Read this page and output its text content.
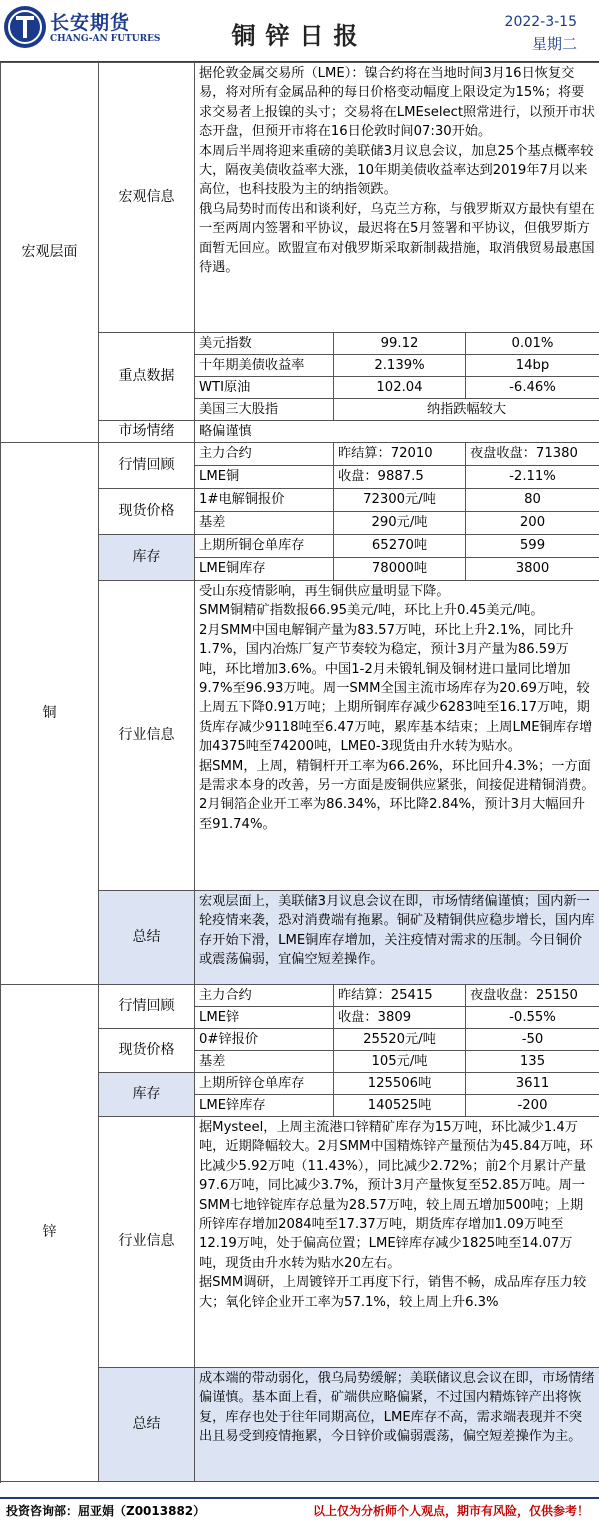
长安期货
CHANG-AN FUTURES	铜锌日报	2022-3-15
星期二
宏观层面	宏观信息	据伦敦金属交易所（LME）：镍合约将在当地时间3月16日恢复交易，将对所有金属品种的每日价格变动幅度上限设定为15%；将要求交易者上报镍的头寸；交易将在LMEselect照常进行，以预开市状态开盘，但预开市将在16日伦敦时间07:30开始。

本周后半周将迎来重磅的美联储3月议息会议，加息25个基点概率较大，隔夜美债收益率大涨，10年期美债收益率达到2019年7月以来高位，也科技股为主的纳指领跌。

俄乌局势时而传出和谈利好，乌克兰方称，与俄罗斯双方最快有望在一至两周内签署和平协议，最迟将在5月签署和平协议，但俄罗斯方面暂无回应。欧盟宣布对俄罗斯采取新制裁措施，取消俄贸易最惠国待遇。		

	重点数据	美元指数	99.12	0.01%
		十年期美债收益率	2.139%	14bp
		WTI原油	102.04	-6.46%
		美国三大股指	纳指跌幅较大	
	市场情绪	略偏谨慎		

铜	行情回顾	主力合约	昨结算：72010	夜盘收盘：71380
		LME铜	收盘：9887.5	-2.11%
	现货价格	1#电解铜报价	72300元/吨	80
		基差	290元/吨	200
	库存	上期所铜仓单库存	65270吨	599
		LME铜库存	78000吨	3800
	行业信息	受山东疫情影响，再生铜供应量明显下降。

SMM铜精矿指数报66.95美元/吨，环比上升0.45美元/吨。

2月SMM中国电解铜产量为83.57万吨，环比上升2.1%，同比升1.7%，国内冶炼厂复产节奏较为稳定，预计3月产量为86.59万吨，环比增加3.6%。中国1-2月未锻轧铜及铜材进口量同比增加9.7%至96.93万吨。周一SMM全国主流市场库存为20.69万吨，较上周五下降0.91万吨；上期所铜库存减少6283吨至16.17万吨，期货库存减少9118吨至6.47万吨，累库基本结束；上周LME铜库存增加4375吨至74200吨，LME0-3现货由升水转为贴水。

据SMM，上周，精铜杆开工率为66.26%，环比回升4.3%；一方面是需求本身的改善，另一方面是废铜供应紧张，间接促进精铜消费。2月铜箔企业开工率为86.34%，环比降2.84%，预计3月大幅回升至91.74%。		

	总结	宏观层面上，美联储3月议息会议在即，市场情绪偏谨慎；国内新一轮疫情来袭，恐对消费端有拖累。铜矿及精铜供应稳步增长，国内库存开始下滑，LME铜库存增加，关注疫情对需求的压制。今日铜价或震荡偏弱，宜偏空短差操作。		

锌	行情回顾	主力合约	昨结算：25415	夜盘收盘：25150
		LME锌	收盘：3809	-0.55%
	现货价格	0#锌报价	25520元/吨	-50
		基差	105元/吨	135
	库存	上期所锌仓单库存	125506吨	3611
		LME锌库存	140525吨	-200
	行业信息	据Mysteel，上周主流港口锌精矿库存为15万吨，环比减少1.4万吨，近期降幅较大。2月SMM中国精炼锌产量预估为45.84万吨，环比减少5.92万吨（11.43%），同比减少2.72%；前2个月累计产量97.6万吨，同比减少3.7%，预计3月产量恢复至52.85万吨。周一SMM七地锌锭库存总量为28.57万吨，较上周五增加500吨；上期所锌库存增加2084吨至17.37万吨，期货库存增加1.09万吨至12.19万吨，处于偏高位置；LME锌库存减少1825吨至14.07万吨，现货由升水转为贴水20左右。

据SMM调研，上周镀锌开工再度下行，销售不畅，成品库存压力较大；氧化锌企业开工率为57.1%，较上周上升6.3%		

	总结	成本端的带动弱化，俄乌局势缓解；美联储议息会议在即，市场情绪偏谨慎。基本面上看，矿端供应略偏紧，不过国内精炼锌产出将恢复，库存也处于往年同期高位，LME库存不高，需求端表现并不突出且易受到疫情拖累，今日锌价或偏弱震荡，偏空短差操作为主。		

投资咨询部：屈亚娟（Z0013882）	以上仅为分析师个人观点，期市有风险，仅供参考！
